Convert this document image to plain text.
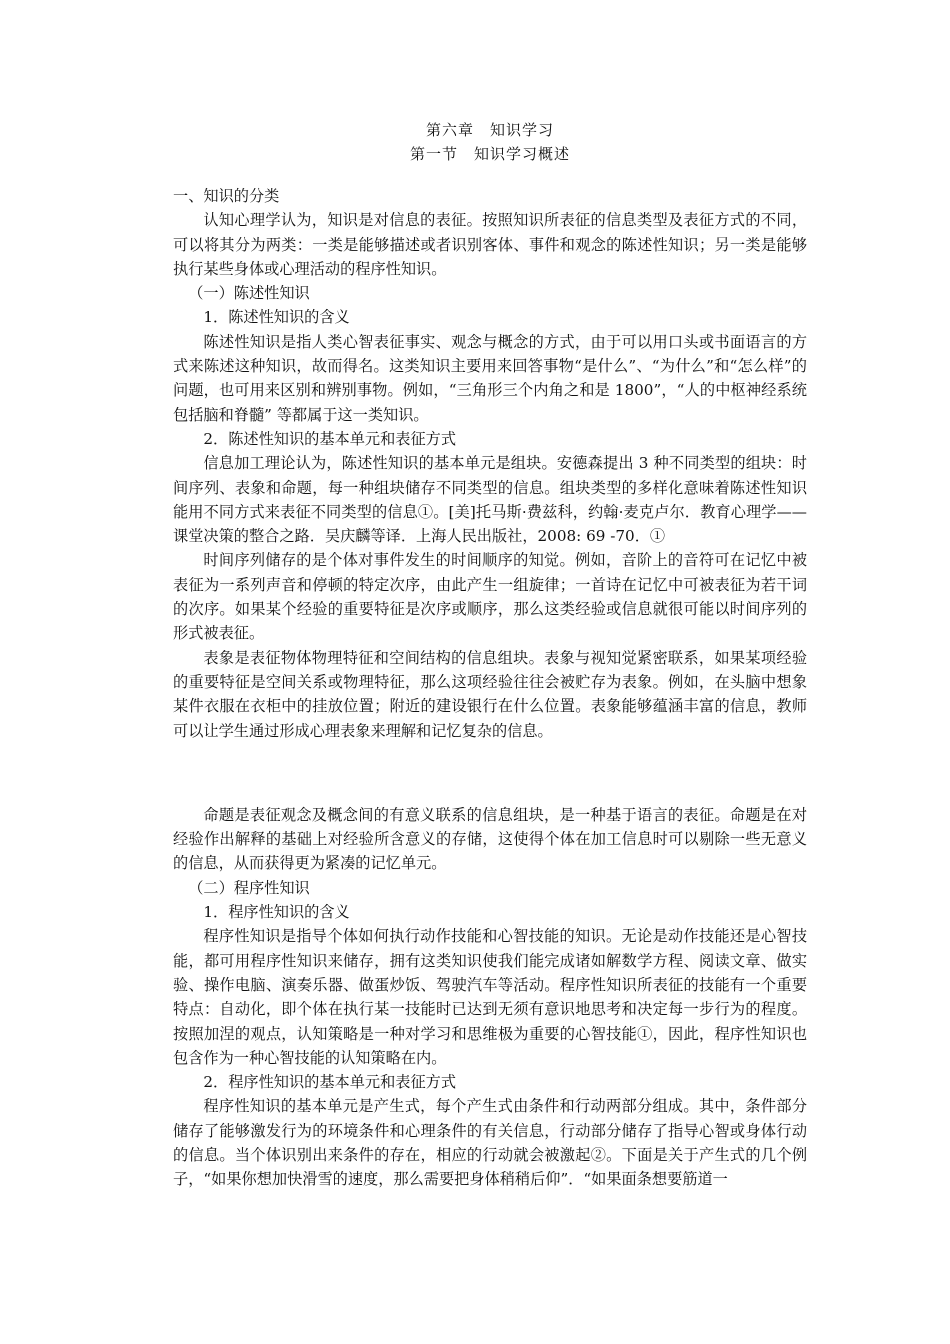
第六章　知识学习
第一节　知识学习概述

一、知识的分类

认知心理学认为，知识是对信息的表征。按照知识所表征的信息类型及表征方式的不同，可以将其分为两类：一类是能够描述或者识别客体、事件和观念的陈述性知识；另一类是能够执行某些身体或心理活动的程序性知识。

（一）陈述性知识

1．陈述性知识的含义

陈述性知识是指人类心智表征事实、观念与概念的方式，由于可以用口头或书面语言的方式来陈述这种知识，故而得名。这类知识主要用来回答事物“是什么”、“为什么”和“怎么样”的问题，也可用来区别和辨别事物。例如，“三角形三个内角之和是 1800”，“人的中枢神经系统包括脑和脊髓” 等都属于这一类知识。

2．陈述性知识的基本单元和表征方式

信息加工理论认为，陈述性知识的基本单元是组块。安德森提出 3 种不同类型的组块：时间序列、表象和命题，每一种组块储存不同类型的信息。组块类型的多样化意味着陈述性知识能用不同方式来表征不同类型的信息①。[美]托马斯·费兹科，约翰·麦克卢尔．教育心理学——课堂决策的整合之路．吴庆麟等译．上海人民出版社，2008: 69 -70．①

时间序列储存的是个体对事件发生的时间顺序的知觉。例如，音阶上的音符可在记忆中被表征为一系列声音和停顿的特定次序，由此产生一组旋律；一首诗在记忆中可被表征为若干词的次序。如果某个经验的重要特征是次序或顺序，那么这类经验或信息就很可能以时间序列的形式被表征。

表象是表征物体物理特征和空间结构的信息组块。表象与视知觉紧密联系，如果某项经验的重要特征是空间关系或物理特征，那么这项经验往往会被贮存为表象。例如，在头脑中想象某件衣服在衣柜中的挂放位置；附近的建设银行在什么位置。表象能够蕴涵丰富的信息，教师可以让学生通过形成心理表象来理解和记忆复杂的信息。

命题是表征观念及概念间的有意义联系的信息组块，是一种基于语言的表征。命题是在对经验作出解释的基础上对经验所含意义的存储，这使得个体在加工信息时可以剔除一些无意义的信息，从而获得更为紧凑的记忆单元。

（二）程序性知识

1．程序性知识的含义

程序性知识是指导个体如何执行动作技能和心智技能的知识。无论是动作技能还是心智技能，都可用程序性知识来储存，拥有这类知识使我们能完成诸如解数学方程、阅读文章、做实验、操作电脑、演奏乐器、做蛋炒饭、驾驶汽车等活动。程序性知识所表征的技能有一个重要特点：自动化，即个体在执行某一技能时已达到无须有意识地思考和决定每一步行为的程度。按照加涅的观点，认知策略是一种对学习和思维极为重要的心智技能①，因此，程序性知识也包含作为一种心智技能的认知策略在内。

2．程序性知识的基本单元和表征方式

程序性知识的基本单元是产生式，每个产生式由条件和行动两部分组成。其中，条件部分储存了能够激发行为的环境条件和心理条件的有关信息，行动部分储存了指导心智或身体行动的信息。当个体识别出来条件的存在，相应的行动就会被激起②。下面是关于产生式的几个例子，“如果你想加快滑雪的速度，那么需要把身体稍稍后仰”．“如果面条想要筋道一
